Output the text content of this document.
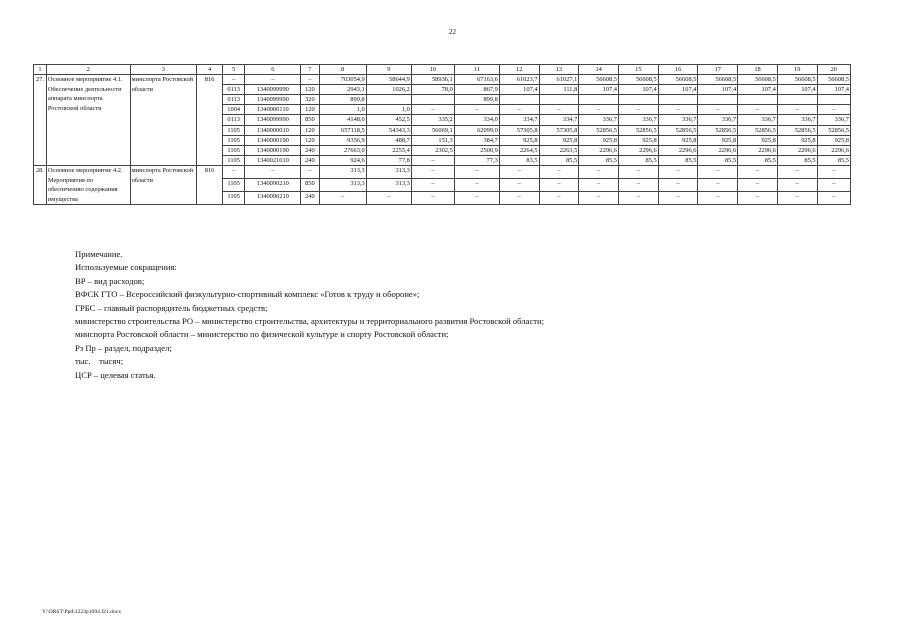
22
1	2	3	4	5	6	7	8	9	10	11	12	13	14	15	16	17	18	19	20
27.	Основное мероприятие 4.1. Обеспечение деятельности аппарата минспорта Ростовской области	минспорта Ростовской области	816	–	–	–	703054,9	58644,9	58936,1	67163,6	61023,7	61027,1	56608,5	56608,5	56608,5	56608,5	56608,5	56608,5	56608,5
				0113	1340099990	120	2943,1	1026,2	78,0	867,9	107,4	111,8	107,4	107,4	107,4	107,4	107,4	107,4	107,4
				0113	1340099990	320	899,8			899,8									
				1004	1340000110	120	1,0	1,0	–	–	–	–	–	–	–	–	–	–	–
				0113	1340099990	850	4148,0	452,5	335,2	334,0	334,7	334,7	336,7	336,7	336,7	336,7	336,7	336,7	336,7
				1105	1340000010	120	657118,5	54343,3	56069,1	62099,0	57305,8	57305,8	52856,5	52856,5	52856,5	52856,5	52856,5	52856,5	52856,5
				1105	1340000190	120	9356,9	488,7	151,3	384,7	925,8	925,8	925,8	925,8	925,8	925,8	925,8	925,8	925,8
				1105	1340000190	240	27663,0	2255,4	2302,5	2500,9	2264,5	2263,5	2296,6	2296,6	2296,6	2296,6	2296,6	2296,6	2296,6
				1105	1340021010	240	924,6	77,8	–	77,3	83,5	85,5	85,5	85,5	85,5	85,5	85,5	85,5	85,5
28.	Основное мероприятие 4.2. Мероприятия по обеспечению содержания имущества	минспорта Ростовской области	816	–	–	–	313,3	313,3	–	–	–	–	–	–	–	–	–	–	–
				1105	1340090210	850	313,3	313,3	–	–	–	–	–	–	–	–	–	–	–
				1105	1340090210	240	–	–	–	–	–	–	–	–	–	–	–	–	–
Примечание.
Используемые сокращения:
ВР – вид расходов;
ВФСК ГТО – Всероссийский физкультурно-спортивный комплекс «Готов к труду и обороне»;
ГРБС – главный распорядитель бюджетных средств;
министерство строительства РО – министерство строительства, архитектуры и территориального развития Ростовской области;
минспорта Ростовской области – министерство по физической культуре и спорту Ростовской области;
Рз Пр – раздел, подраздел;
тыс.    тысяч;
ЦСР – целевая статья.
Y:\ORST\Ppd\1223p1094.f21.docx
